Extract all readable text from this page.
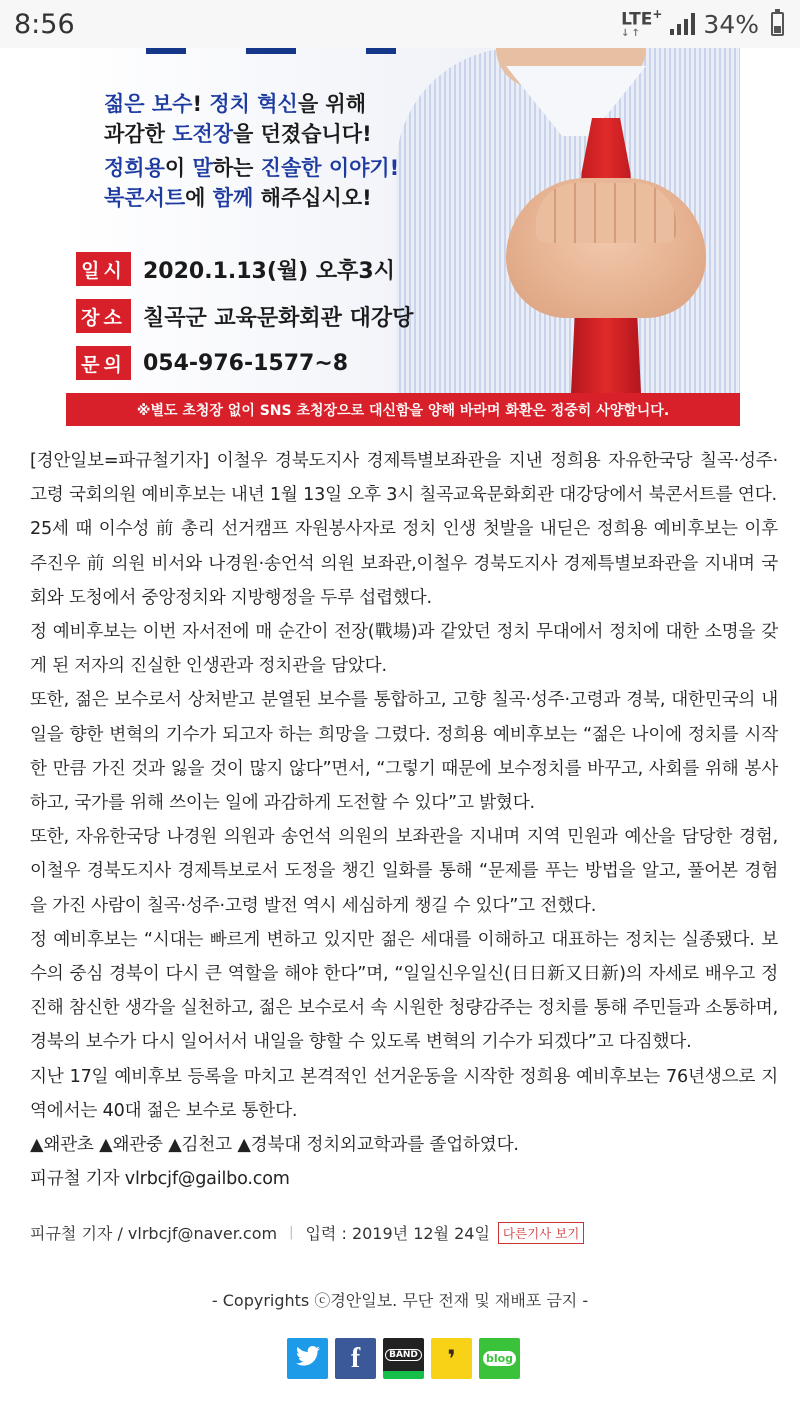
8:56	LTE+
↓↑	34%
젊은 보수! 정치 혁신을 위해
과감한 도전장을 던졌습니다!
정희용이 말하는 진솔한 이야기!
북콘서트에 함께 해주십시오!
일시 2020.1.13(월) 오후3시
장소 칠곡군 교육문화회관 대강당
문의 054-976-1577~8
※별도 초청장 없이 SNS 초청장으로 대신함을 양해 바라며 화환은 정중히 사양합니다.

[경안일보=파규철기자] 이철우 경북도지사 경제특별보좌관을 지낸 정희용 자유한국당 칠곡·성주·고령 국회의원 예비후보는 내년 1월 13일 오후 3시 칠곡교육문화회관 대강당에서 북콘서트를 연다.

25세 때 이수성 前 총리 선거캠프 자원봉사자로 정치 인생 첫발을 내딛은 정희용 예비후보는 이후 주진우 前 의원 비서와 나경원·송언석 의원 보좌관,이철우 경북도지사 경제특별보좌관을 지내며 국회와 도청에서 중앙정치와 지방행정을 두루 섭렵했다.

정 예비후보는 이번 자서전에 매 순간이 전장(戰場)과 같았던 정치 무대에서 정치에 대한 소명을 갖게 된 저자의 진실한 인생관과 정치관을 담았다.

또한, 젊은 보수로서 상처받고 분열된 보수를 통합하고, 고향 칠곡·성주·고령과 경북, 대한민국의 내일을 향한 변혁의 기수가 되고자 하는 희망을 그렸다. 정희용 예비후보는 “젊은 나이에 정치를 시작한 만큼 가진 것과 잃을 것이 많지 않다”면서, “그렇기 때문에 보수정치를 바꾸고, 사회를 위해 봉사하고, 국가를 위해 쓰이는 일에 과감하게 도전할 수 있다”고 밝혔다.

또한, 자유한국당 나경원 의원과 송언석 의원의 보좌관을 지내며 지역 민원과 예산을 담당한 경험, 이철우 경북도지사 경제특보로서 도정을 챙긴 일화를 통해 “문제를 푸는 방법을 알고, 풀어본 경험을 가진 사람이 칠곡·성주·고령 발전 역시 세심하게 챙길 수 있다”고 전했다.

정 예비후보는 “시대는 빠르게 변하고 있지만 젊은 세대를 이해하고 대표하는 정치는 실종됐다. 보수의 중심 경북이 다시 큰 역할을 해야 한다”며, “일일신우일신(日日新又日新)의 자세로 배우고 정진해 참신한 생각을 실천하고, 젊은 보수로서 속 시원한 청량감주는 정치를 통해 주민들과 소통하며, 경북의 보수가 다시 일어서서 내일을 향할 수 있도록 변혁의 기수가 되겠다”고 다짐했다.

지난 17일 예비후보 등록을 마치고 본격적인 선거운동을 시작한 정희용 예비후보는 76년생으로 지역에서는 40대 젊은 보수로 통한다.

▲왜관초 ▲왜관중 ▲김천고 ▲경북대 정치외교학과를 졸업하였다.

피규철 기자 vlrbcjf@gailbo.com

피규철 기자 / vlrbcjf@naver.com | 입력 : 2019년 12월 24일	다른기사 보기
- Copyrights ⓒ경안일보. 무단 전재 및 재배포 금지 -
f	BAND ❜	blog
